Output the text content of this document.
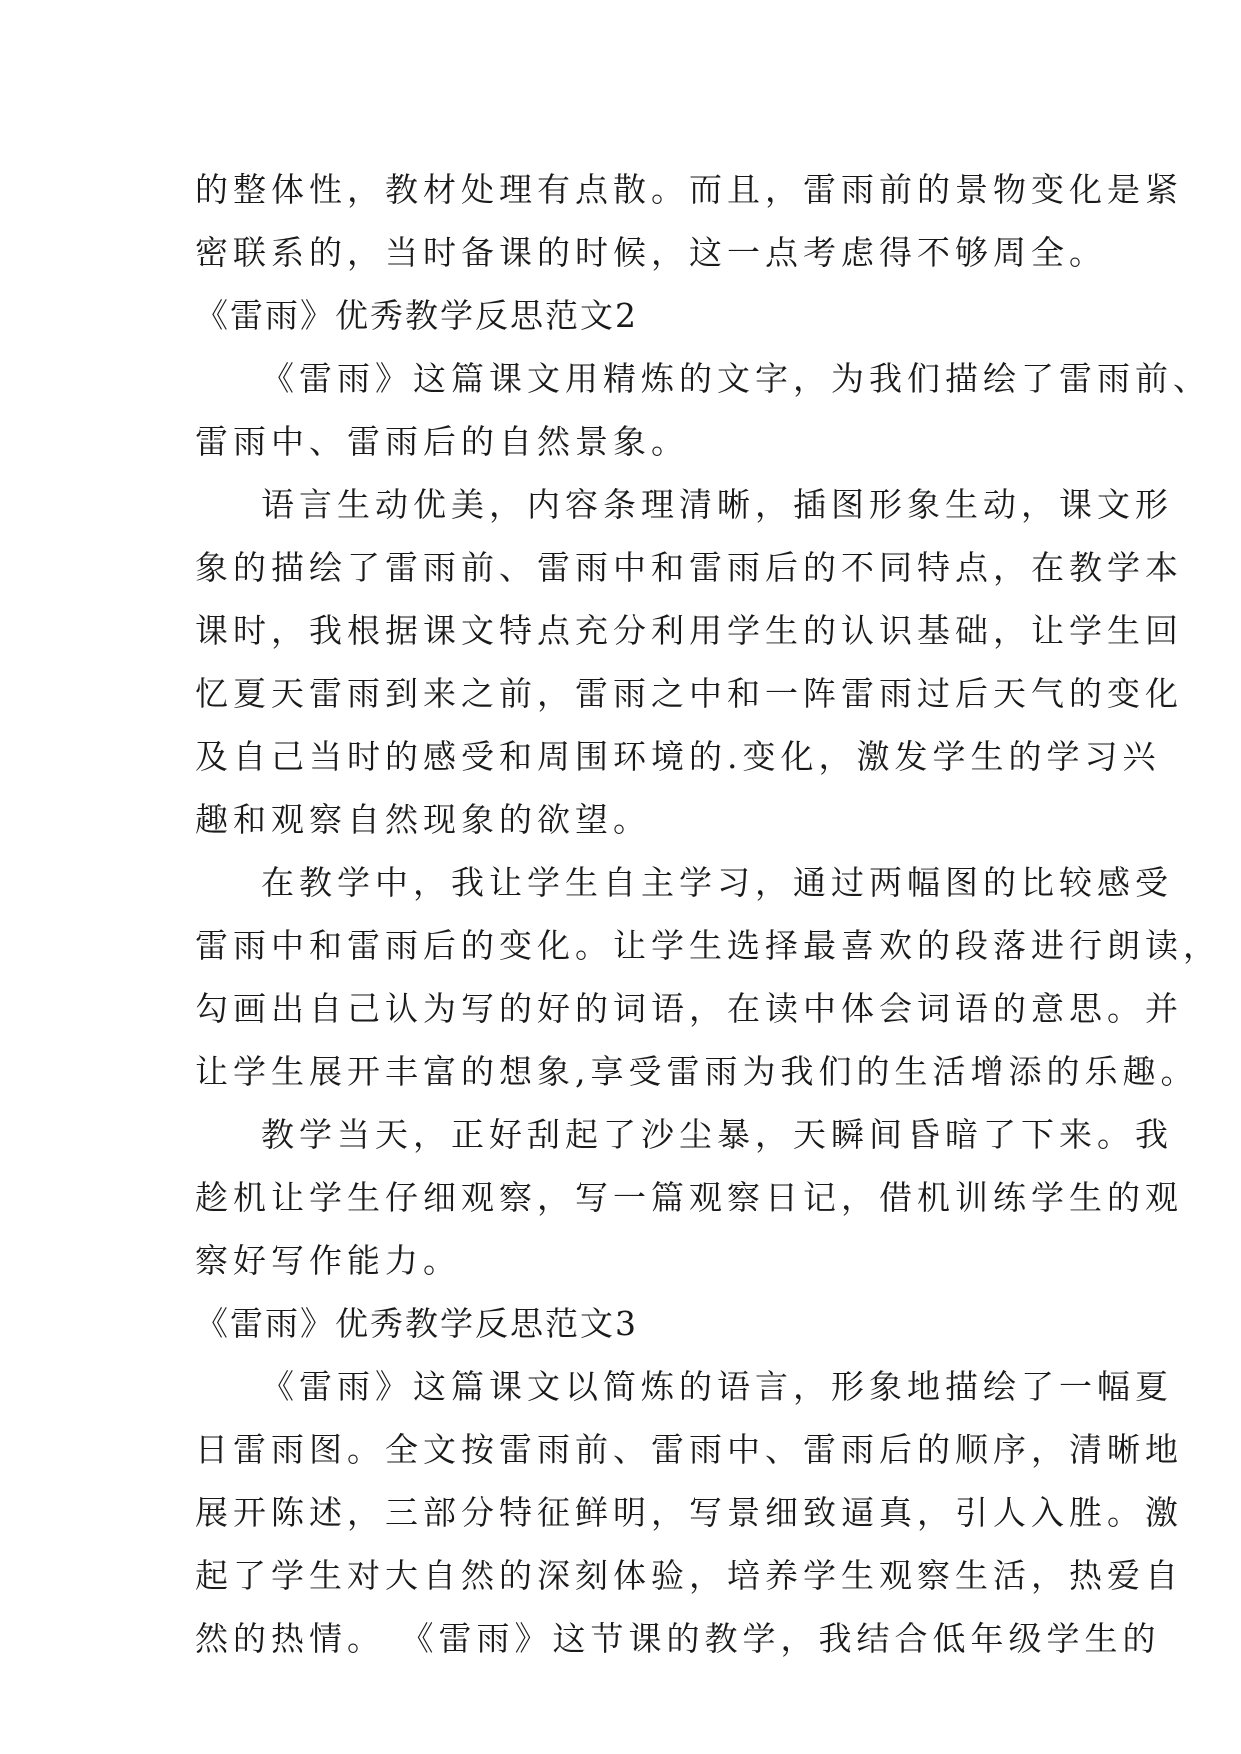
的整体性，教材处理有点散。而且，雷雨前的景物变化是紧
密联系的，当时备课的时候，这一点考虑得不够周全。
《雷雨》优秀教学反思范文2
《雷雨》这篇课文用精炼的文字，为我们描绘了雷雨前、
雷雨中、雷雨后的自然景象。
语言生动优美，内容条理清晰，插图形象生动，课文形
象的描绘了雷雨前、雷雨中和雷雨后的不同特点，在教学本
课时，我根据课文特点充分利用学生的认识基础，让学生回
忆夏天雷雨到来之前，雷雨之中和一阵雷雨过后天气的变化
及自己当时的感受和周围环境的.变化，激发学生的学习兴
趣和观察自然现象的欲望。
在教学中，我让学生自主学习，通过两幅图的比较感受
雷雨中和雷雨后的变化。让学生选择最喜欢的段落进行朗读，
勾画出自己认为写的好的词语，在读中体会词语的意思。并
让学生展开丰富的想象,享受雷雨为我们的生活增添的乐趣。
教学当天，正好刮起了沙尘暴，天瞬间昏暗了下来。我
趁机让学生仔细观察，写一篇观察日记，借机训练学生的观
察好写作能力。
《雷雨》优秀教学反思范文3
《雷雨》这篇课文以简炼的语言，形象地描绘了一幅夏
日雷雨图。全文按雷雨前、雷雨中、雷雨后的顺序，清晰地
展开陈述，三部分特征鲜明，写景细致逼真，引人入胜。激
起了学生对大自然的深刻体验，培养学生观察生活，热爱自
然的热情。 《雷雨》这节课的教学，我结合低年级学生的
